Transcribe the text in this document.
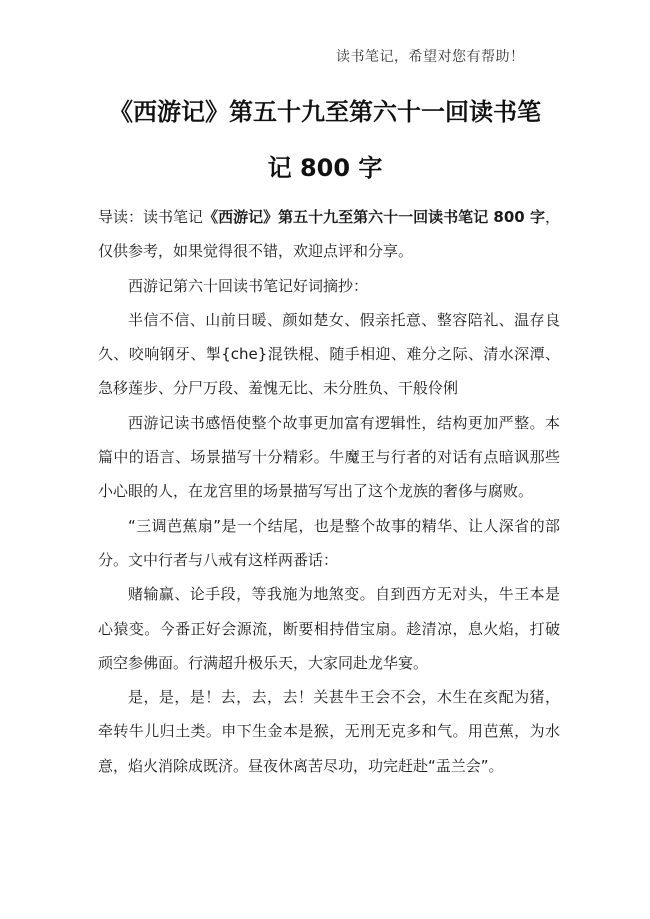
读书笔记，希望对您有帮助！
《西游记》第五十九至第六十一回读书笔
记 800 字

导读：读书笔记《西游记》第五十九至第六十一回读书笔记 800 字，仅供参考，如果觉得很不错，欢迎点评和分享。

西游记第六十回读书笔记好词摘抄：

半信不信、山前日暖、颜如楚女、假亲托意、整容陪礼、温存良久、咬响钢牙、掣{che}混铁棍、随手相迎、难分之际、清水深潭、急移莲步、分尸万段、羞愧无比、未分胜负、干般伶俐

西游记读书感悟使整个故事更加富有逻辑性，结构更加严整。本篇中的语言、场景描写十分精彩。牛魔王与行者的对话有点暗讽那些小心眼的人，在龙宫里的场景描写写出了这个龙族的奢侈与腐败。

“三调芭蕉扇”是一个结尾，也是整个故事的精华、让人深省的部分。文中行者与八戒有这样两番话：

赌输赢、论手段，等我施为地煞变。自到西方无对头，牛王本是心猿变。今番正好会源流，断要相持借宝扇。趁清凉，息火焰，打破顽空参佛面。行满超升极乐天，大家同赴龙华宴。

是，是，是！去，去，去！关甚牛王会不会，木生在亥配为猪，牵转牛儿归土类。申下生金本是猴，无刑无克多和气。用芭蕉，为水意，焰火消除成既济。昼夜休离苦尽功，功完赶赴“盂兰会”。
